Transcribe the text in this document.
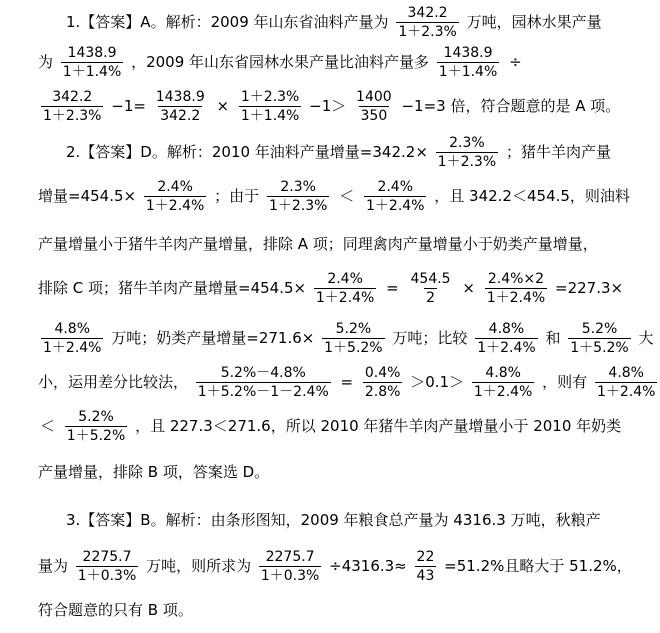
1.【答案】A。解析：2009 年山东省油料产量为 $\frac{342.2}{1+2.3\%}$ 万吨，园林水果产量
为 $\frac{1438.9}{1+1.4\%}$ ，2009 年山东省园林水果产量比油料产量多 $\frac{1438.9}{1+1.4\%}$ ÷
$\frac{342.2}{1+2.3\%} -1= \frac{1438.9}{342.2} \times \frac{1+2.3\%}{1+1.4\%} -1> \frac{1400}{350} -1=3$ 倍，符合题意的是 A 项。
2.【答案】D。解析：2010 年油料产量增量$=342.2\times \frac{2.3\%}{1+2.3\%}$ ；猪牛羊肉产量
增量$=454.5\times \frac{2.4\%}{1+2.4\%}$ ；由于 $\frac{2.3\%}{1+2.3\%} < \frac{2.4\%}{1+2.4\%}$ ，且 342.2＜454.5，则油料
产量增量小于猪牛羊肉产量增量，排除 A 项；同理禽肉产量增量小于奶类产量增量，
排除 C 项；猪牛羊肉产量增量$=454.5\times \frac{2.4\%}{1+2.4\%} = \frac{454.5}{2} \times \frac{2.4\%\times 2}{1+2.4\%} =227.3\times$
$\frac{4.8\%}{1+2.4\%}$ 万吨；奶类产量增量$=271.6\times \frac{5.2\%}{1+5.2\%}$ 万吨；比较 $\frac{4.8\%}{1+2.4\%}$ 和 $\frac{5.2\%}{1+5.2\%}$ 大
小，运用差分比较法， $\frac{5.2\%-4.8\%}{1+5.2\%-1-2.4\%} = \frac{0.4\%}{2.8\%} >0.1> \frac{4.8\%}{1+2.4\%}$ ，则有 $\frac{4.8\%}{1+2.4\%}$
＜ $\frac{5.2\%}{1+5.2\%}$ ，且 227.3＜271.6，所以 2010 年猪牛羊肉产量增量小于 2010 年奶类
产量增量，排除 B 项，答案选 D。
3.【答案】B。解析：由条形图知，2009 年粮食总产量为 4316.3 万吨，秋粮产
量为 $\frac{2275.7}{1+0.3\%}$ 万吨，则所求为 $\frac{2275.7}{1+0.3\%} \div 4316.3\approx \frac{22}{43} =51.2\%$且略大于 51.2%，
符合题意的只有 B 项。
